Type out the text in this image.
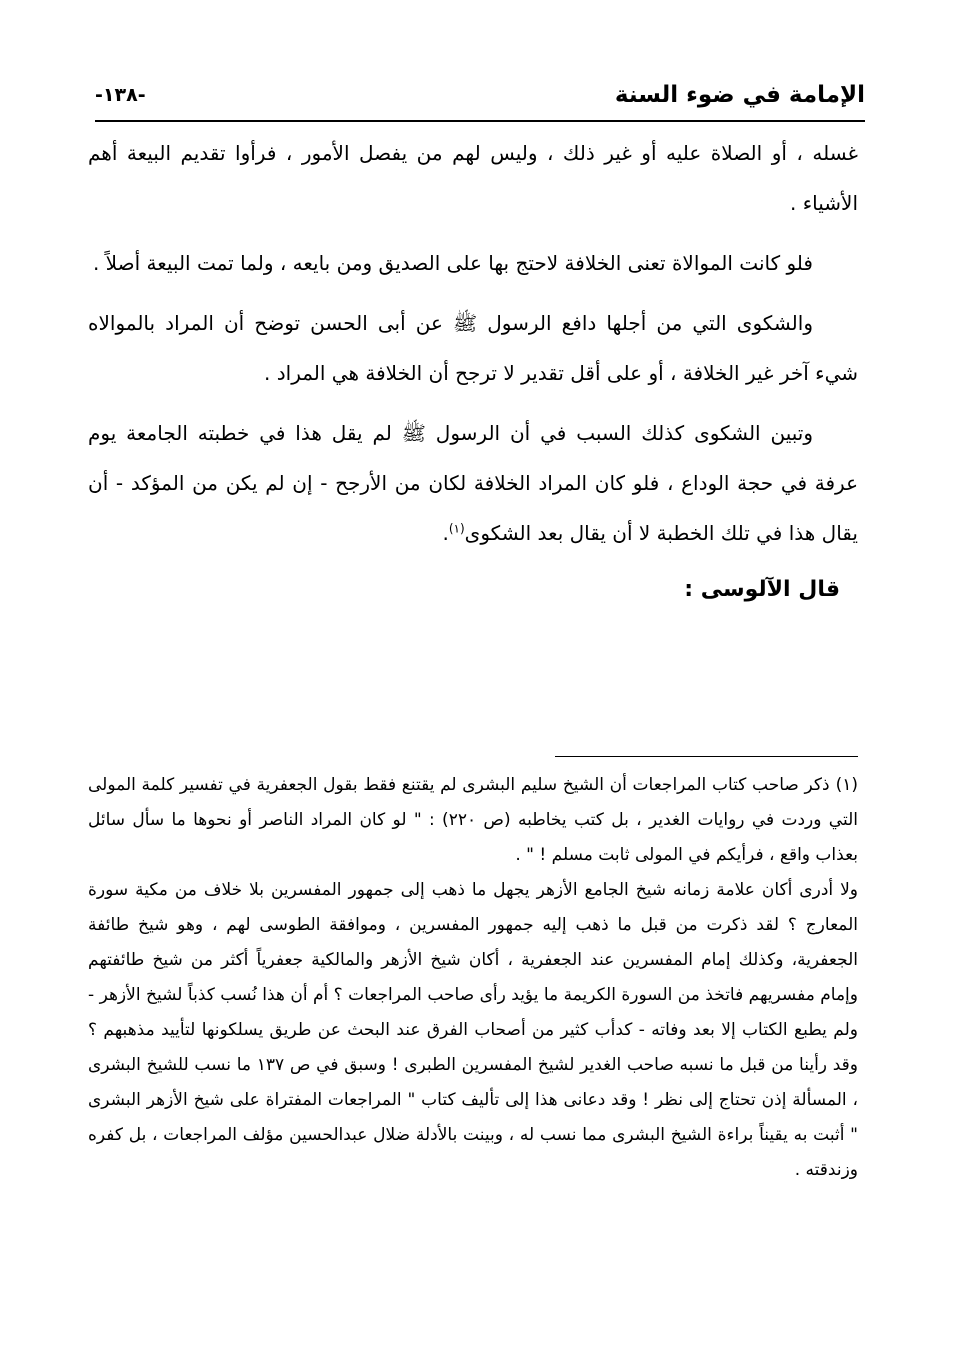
الإمامة في ضوء السنة
-١٣٨-

غسله ، أو الصلاة عليه أو غير ذلك ، وليس لهم من يفصل الأمور ، فرأوا تقديم البيعة أهم الأشياء .

فلو كانت الموالاة تعنى الخلافة لاحتج بها على الصديق ومن بايعه ، ولما تمت البيعة أصلاً .

والشكوى التي من أجلها دافع الرسول ﷺ عن أبى الحسن توضح أن المراد بالموالاه شيء آخر غير الخلافة ، أو على أقل تقدير لا ترجح أن الخلافة هي المراد .

وتبين الشكوى كذلك السبب في أن الرسول ﷺ لم يقل هذا في خطبته الجامعة يوم عرفة في حجة الوداع ، فلو كان المراد الخلافة لكان من الأرجح - إن لم يكن من المؤكد - أن يقال هذا في تلك الخطبة لا أن يقال بعد الشكوى$^{(١)}$.

قال الآلوسى :

(١)ذكر صاحب كتاب المراجعات أن الشيخ سليم البشرى لم يقتنع فقط بقول الجعفرية في تفسير كلمة المولى التي وردت في روايات الغدير ، بل كتب يخاطبه (ص ٢٢٠) : " لو كان المراد الناصر أو نحوها ما سأل سائل بعذاب واقع ، فرأيكم في المولى ثابت مسلم ! " .

ولا أدرى أكان علامة زمانه شيخ الجامع الأزهر يجهل ما ذهب إلى جمهور المفسرين بلا خلاف من مكية سورة المعارج ؟ لقد ذكرت من قبل ما ذهب إليه جمهور المفسرين ، وموافقة الطوسى لهم ، وهو شيخ طائفة الجعفرية، وكذلك إمام المفسرين عند الجعفرية ، أكان شيخ الأزهر والمالكية جعفرياً أكثر من شيخ طائفتهم وإمام مفسريهم فاتخذ من السورة الكريمة ما يؤيد رأى صاحب المراجعات ؟ أم أن هذا نُسب كذباً لشيخ الأزهر - ولم يطبع الكتاب إلا بعد وفاته - كدأب كثير من أصحاب الفرق عند البحث عن طريق يسلكونها لتأييد مذهبهم ؟ وقد رأينا من قبل ما نسبه صاحب الغدير لشيخ المفسرين الطبرى ! وسبق في ص ١٣٧ ما نسب للشيخ البشرى ، المسألة إذن تحتاج إلى نظر ! وقد دعانى هذا إلى تأليف كتاب " المراجعات المفتراة على شيخ الأزهر البشرى " أثبت به يقيناً براءة الشيخ البشرى مما نسب له ، وبينت بالأدلة ضلال عبدالحسين مؤلف المراجعات ، بل كفره وزندقته .
